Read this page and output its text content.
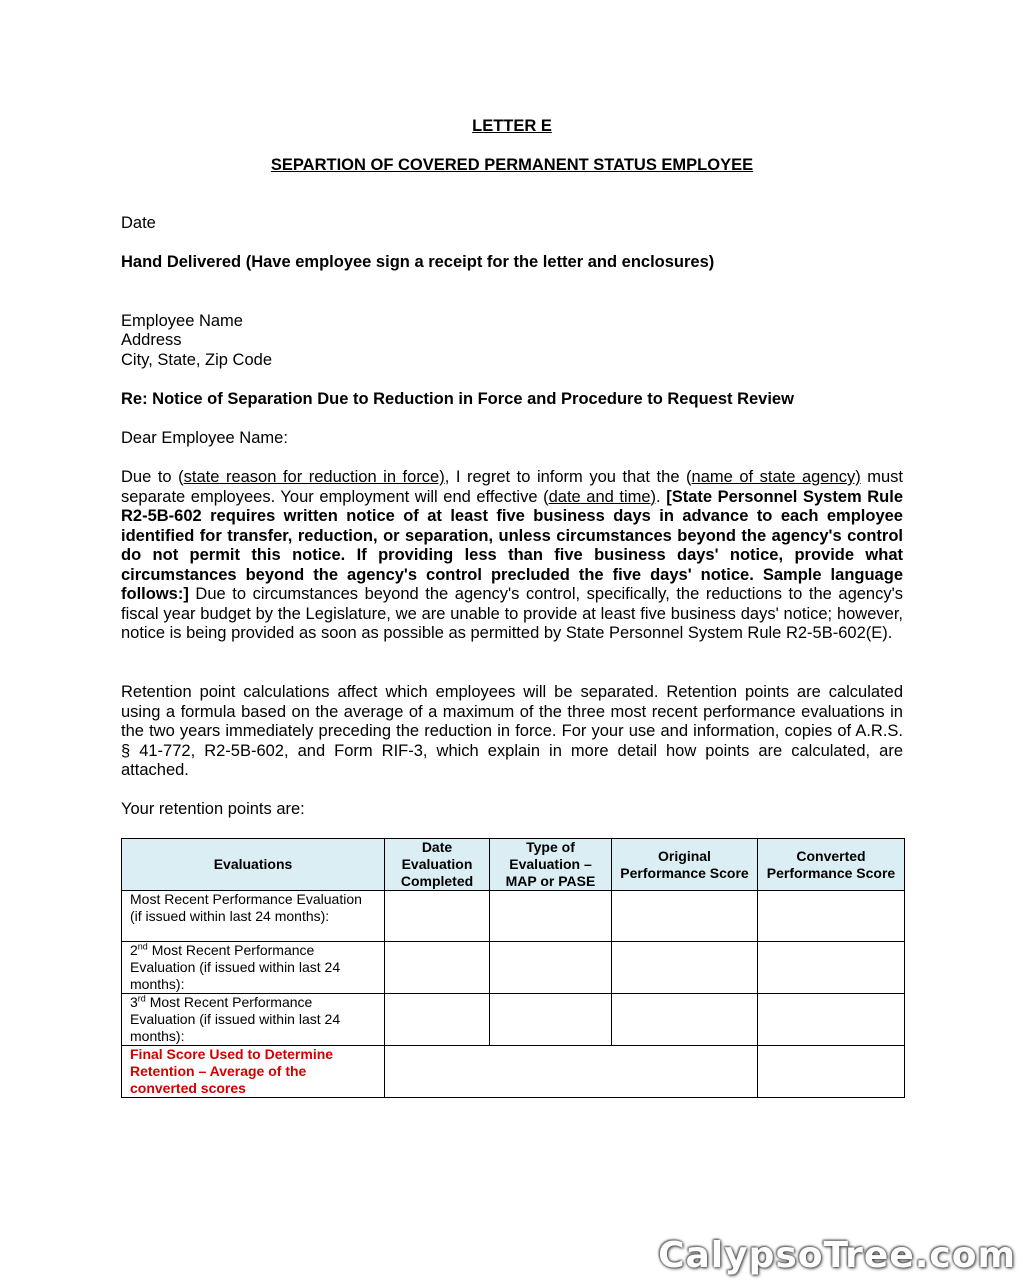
LETTER E
SEPARTION OF COVERED PERMANENT STATUS EMPLOYEE
Date
Hand Delivered (Have employee sign a receipt for the letter and enclosures)
Employee Name
Address
City, State, Zip Code
Re: Notice of Separation Due to Reduction in Force and Procedure to Request Review
Dear Employee Name:
Due to (state reason for reduction in force), I regret to inform you that the (name of state agency) must separate employees. Your employment will end effective (date and time). [State Personnel System Rule R2-5B-602 requires written notice of at least five business days in advance to each employee identified for transfer, reduction, or separation, unless circumstances beyond the agency's control do not permit this notice. If providing less than five business days' notice, provide what circumstances beyond the agency's control precluded the five days' notice. Sample language follows:] Due to circumstances beyond the agency's control, specifically, the reductions to the agency's fiscal year budget by the Legislature, we are unable to provide at least five business days' notice; however, notice is being provided as soon as possible as permitted by State Personnel System Rule R2-5B-602(E).
Retention point calculations affect which employees will be separated. Retention points are calculated using a formula based on the average of a maximum of the three most recent performance evaluations in the two years immediately preceding the reduction in force. For your use and information, copies of A.R.S. § 41-772, R2-5B-602, and Form RIF-3, which explain in more detail how points are calculated, are attached.
Your retention points are:
Evaluations	Date Evaluation Completed	Type of Evaluation – MAP or PASE	Original Performance Score	Converted Performance Score
Most Recent Performance Evaluation (if issued within last 24 months):				
2nd Most Recent Performance Evaluation (if issued within last 24 months):				
3rd Most Recent Performance Evaluation (if issued within last 24 months):				
Final Score Used to Determine Retention – Average of the converted scores				
CalypsoTree.com
